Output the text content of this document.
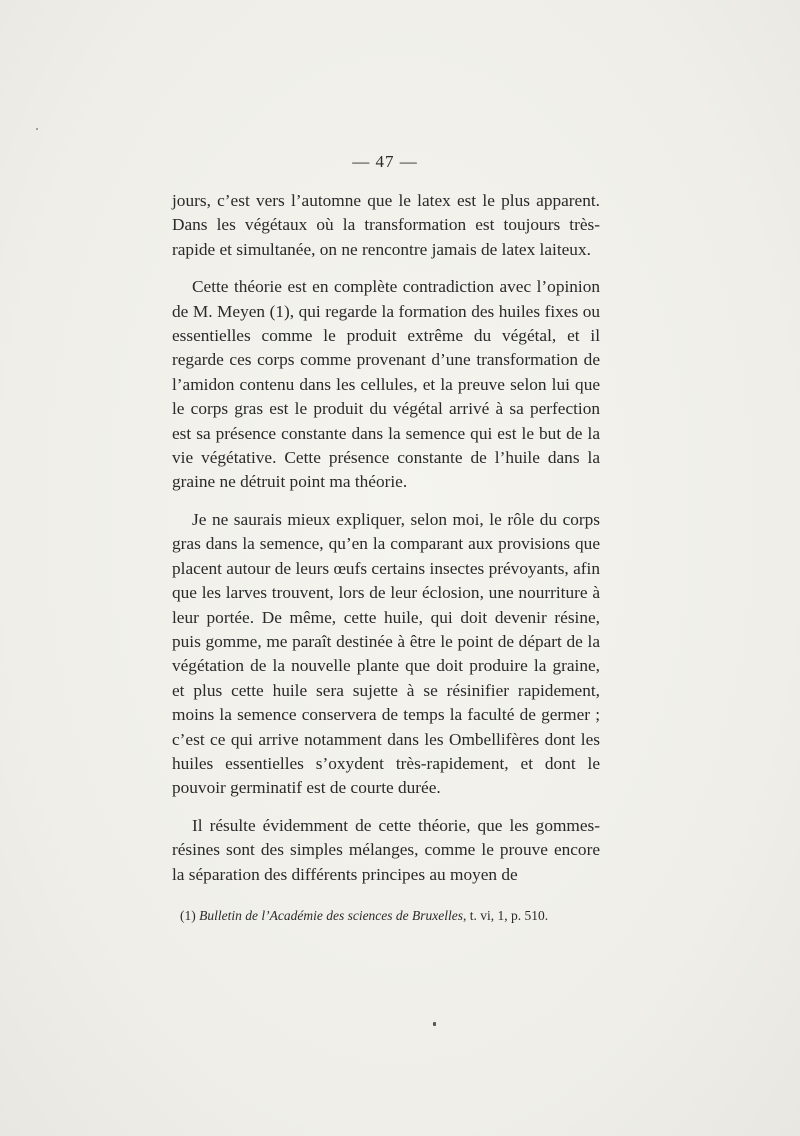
— 47 —

jours, c’est vers l’automne que le latex est le plus apparent. Dans les végétaux où la transformation est toujours très-rapide et simultanée, on ne rencontre jamais de latex laiteux.

Cette théorie est en complète contradiction avec l’opinion de M. Meyen (1), qui regarde la formation des huiles fixes ou essentielles comme le produit extrême du végétal, et il regarde ces corps comme provenant d’une transformation de l’amidon contenu dans les cellules, et la preuve selon lui que le corps gras est le produit du végétal arrivé à sa perfection est sa présence constante dans la semence qui est le but de la vie végétative. Cette présence constante de l’huile dans la graine ne détruit point ma théorie.

Je ne saurais mieux expliquer, selon moi, le rôle du corps gras dans la semence, qu’en la comparant aux provisions que placent autour de leurs œufs certains insectes prévoyants, afin que les larves trouvent, lors de leur éclosion, une nourriture à leur portée. De même, cette huile, qui doit devenir résine, puis gomme, me paraît destinée à être le point de départ de la végétation de la nouvelle plante que doit produire la graine, et plus cette huile sera sujette à se résinifier rapidement, moins la semence conservera de temps la faculté de germer ; c’est ce qui arrive notamment dans les Ombellifères dont les huiles essentielles s’oxydent très-rapidement, et dont le pouvoir germinatif est de courte durée.

Il résulte évidemment de cette théorie, que les gommes-résines sont des simples mélanges, comme le prouve encore la séparation des différents principes au moyen de

(1) Bulletin de l’Académie des sciences de Bruxelles, t. vi, 1, p. 510.
